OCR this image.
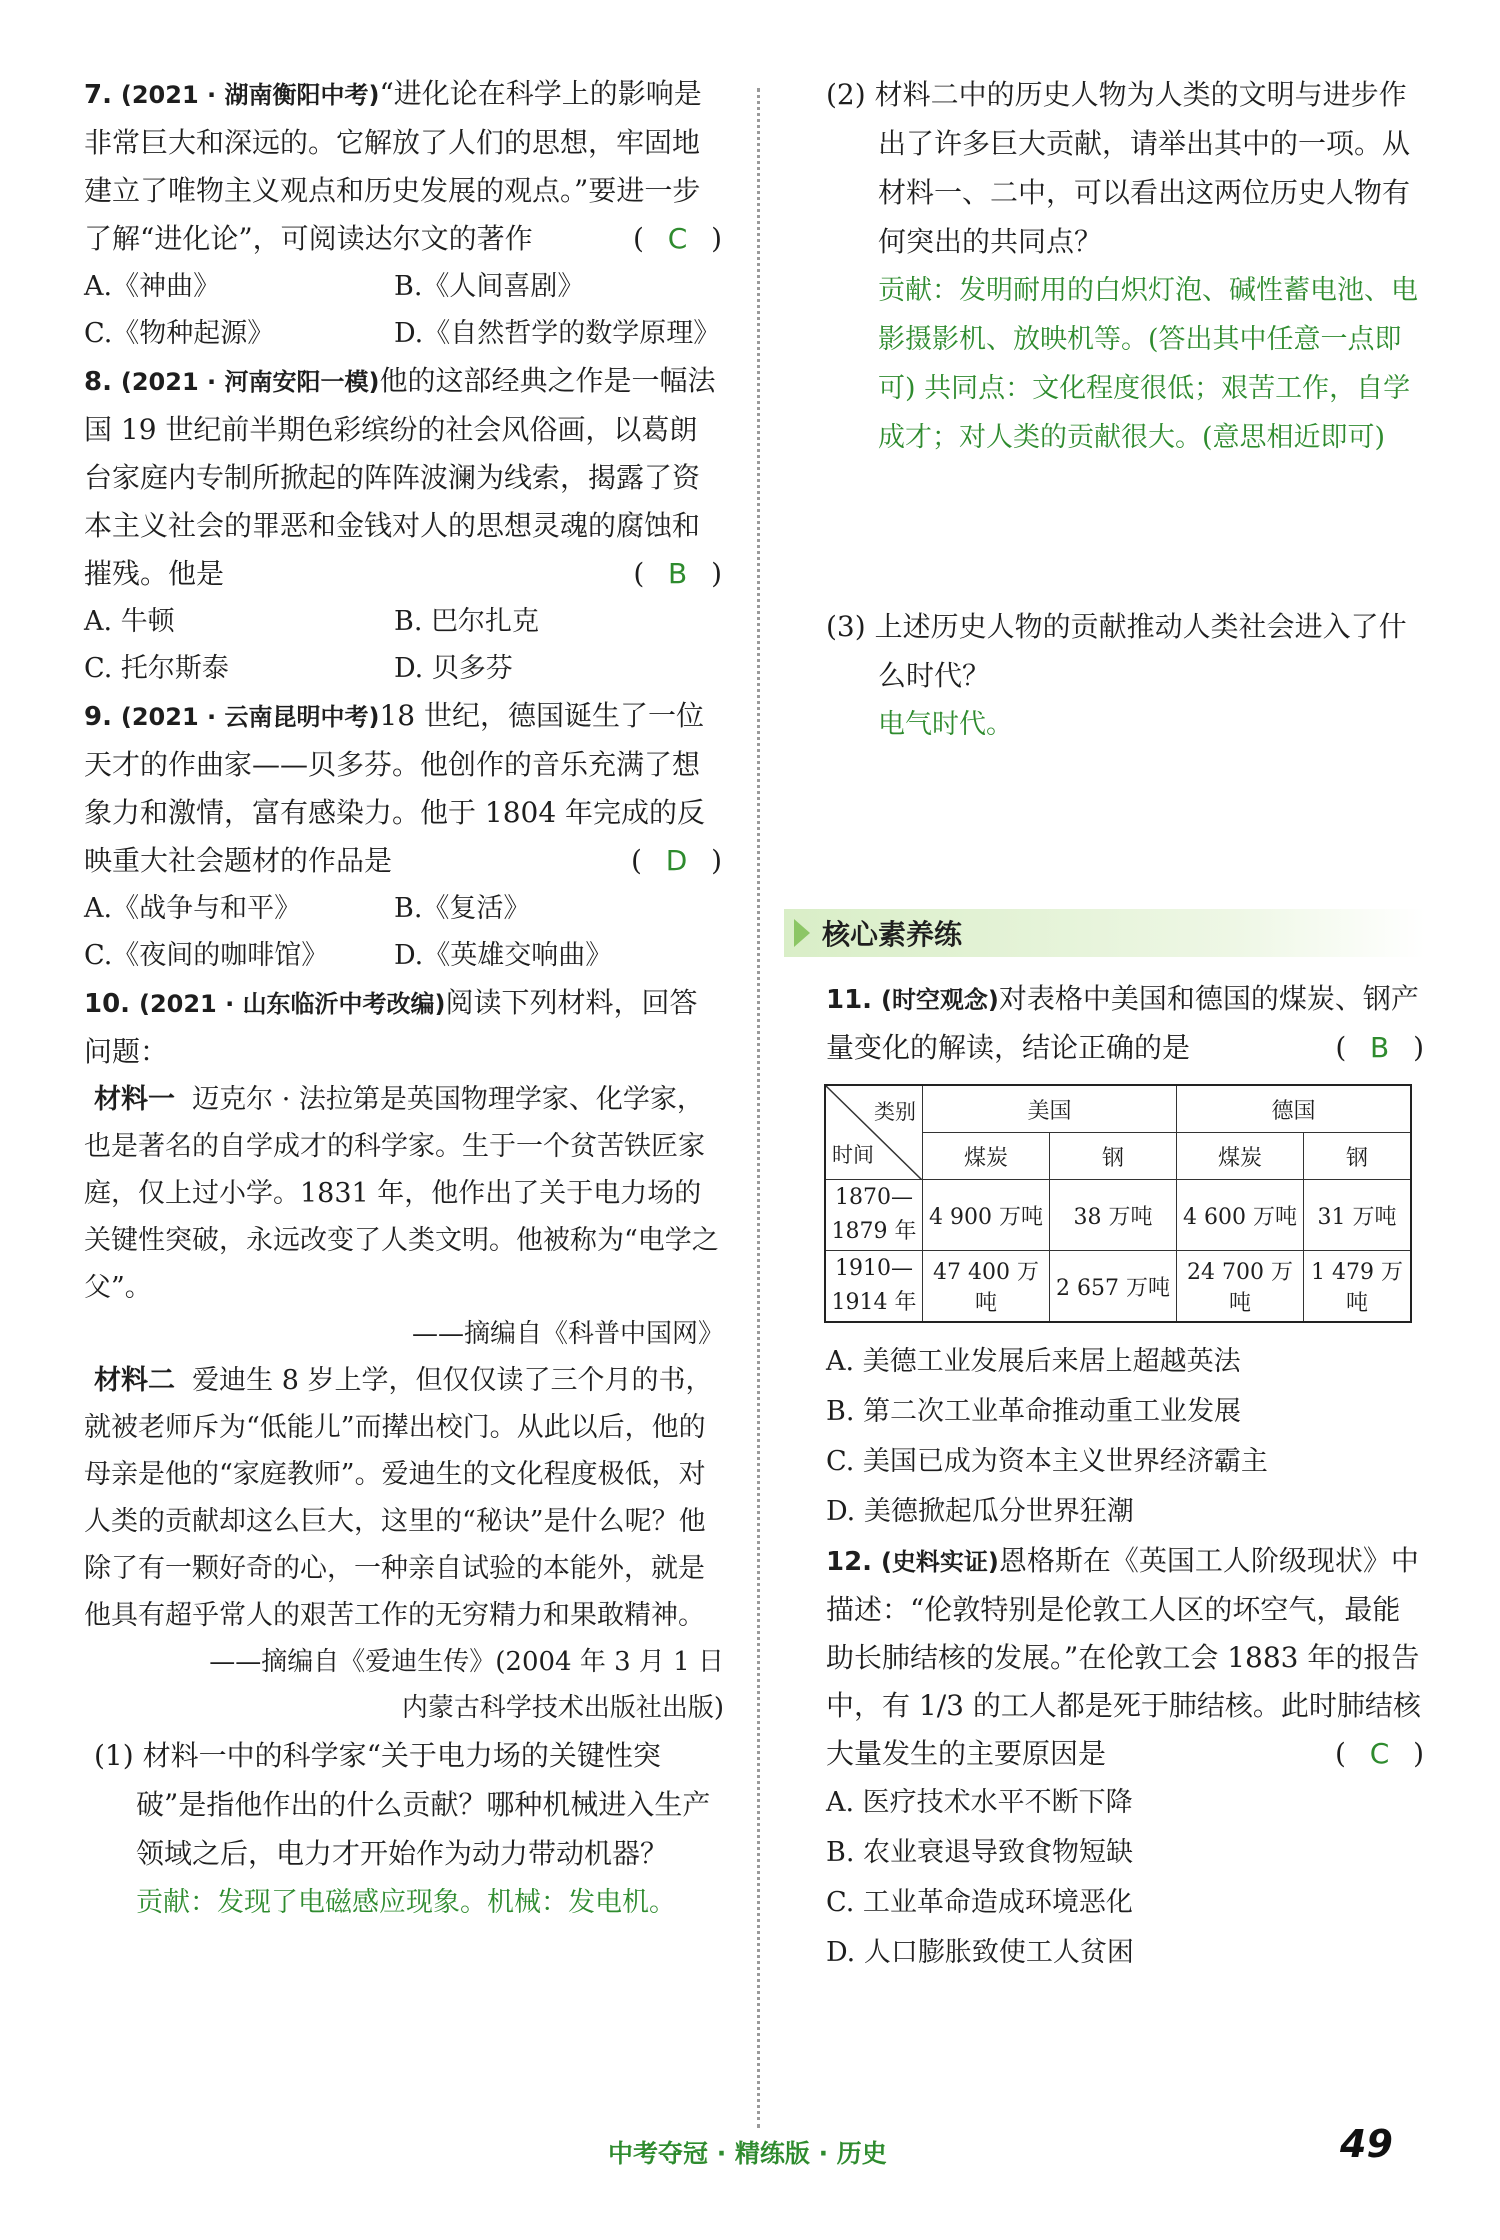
7. (2021 · 湖南衡阳中考)“进化论在科学上的影响是非常巨大和深远的。它解放了人们的思想，牢固地建立了唯物主义观点和历史发展的观点。”要进一步了解“进化论”，可阅读达尔文的著作	(  C  )
A.《神曲》	B.《人间喜剧》
C.《物种起源》	D.《自然哲学的数学原理》
8. (2021 · 河南安阳一模)他的这部经典之作是一幅法国 19 世纪前半期色彩缤纷的社会风俗画，以葛朗台家庭内专制所掀起的阵阵波澜为线索，揭露了资本主义社会的罪恶和金钱对人的思想灵魂的腐蚀和摧残。他是	(  B  )
A. 牛顿	B. 巴尔扎克
C. 托尔斯泰	D. 贝多芬
9. (2021 · 云南昆明中考)18 世纪，德国诞生了一位天才的作曲家——贝多芬。他创作的音乐充满了想象力和激情，富有感染力。他于 1804 年完成的反映重大社会题材的作品是	(  D  )
A.《战争与和平》	B.《复活》
C.《夜间的咖啡馆》	D.《英雄交响曲》
10. (2021 · 山东临沂中考改编)阅读下列材料，回答问题：
材料一 迈克尔 · 法拉第是英国物理学家、化学家，也是著名的自学成才的科学家。生于一个贫苦铁匠家庭，仅上过小学。1831 年，他作出了关于电力场的关键性突破，永远改变了人类文明。他被称为“电学之父”。
——摘编自《科普中国网》
材料二 爱迪生 8 岁上学，但仅仅读了三个月的书，就被老师斥为“低能儿”而撵出校门。从此以后，他的母亲是他的“家庭教师”。爱迪生的文化程度极低，对人类的贡献却这么巨大，这里的“秘诀”是什么呢？他除了有一颗好奇的心，一种亲自试验的本能外，就是他具有超乎常人的艰苦工作的无穷精力和果敢精神。
——摘编自《爱迪生传》(2004 年 3 月 1 日
内蒙古科学技术出版社出版)
(1) 材料一中的科学家“关于电力场的关键性突破”是指他作出的什么贡献？哪种机械进入生产领域之后，电力才开始作为动力带动机器？
贡献：发现了电磁感应现象。机械：发电机。
(2) 材料二中的历史人物为人类的文明与进步作出了许多巨大贡献，请举出其中的一项。从材料一、二中，可以看出这两位历史人物有何突出的共同点？
贡献：发明耐用的白炽灯泡、碱性蓄电池、电影摄影机、放映机等。(答出其中任意一点即可) 共同点：文化程度很低；艰苦工作，自学成才；对人类的贡献很大。(意思相近即可)
(3) 上述历史人物的贡献推动人类社会进入了什么时代？
电气时代。
核心素养练
11. (时空观念)对表格中美国和德国的煤炭、钢产量变化的解读，结论正确的是	(  B  )
类别
时间	美国		德国	
	煤炭	钢	煤炭	钢
1870—
1879 年	4 900 万吨	38 万吨	4 600 万吨	31 万吨
1910—
1914 年	47 400 万吨	2 657 万吨	24 700 万吨	1 479 万吨
A. 美德工业发展后来居上超越英法
B. 第二次工业革命推动重工业发展
C. 美国已成为资本主义世界经济霸主
D. 美德掀起瓜分世界狂潮
12. (史料实证)恩格斯在《英国工人阶级现状》中描述：“伦敦特别是伦敦工人区的坏空气，最能助长肺结核的发展。”在伦敦工会 1883 年的报告中，有 1/3 的工人都是死于肺结核。此时肺结核大量发生的主要原因是	(  C  )
A. 医疗技术水平不断下降
B. 农业衰退导致食物短缺
C. 工业革命造成环境恶化
D. 人口膨胀致使工人贫困
中考夺冠 · 精练版 · 历史	49
